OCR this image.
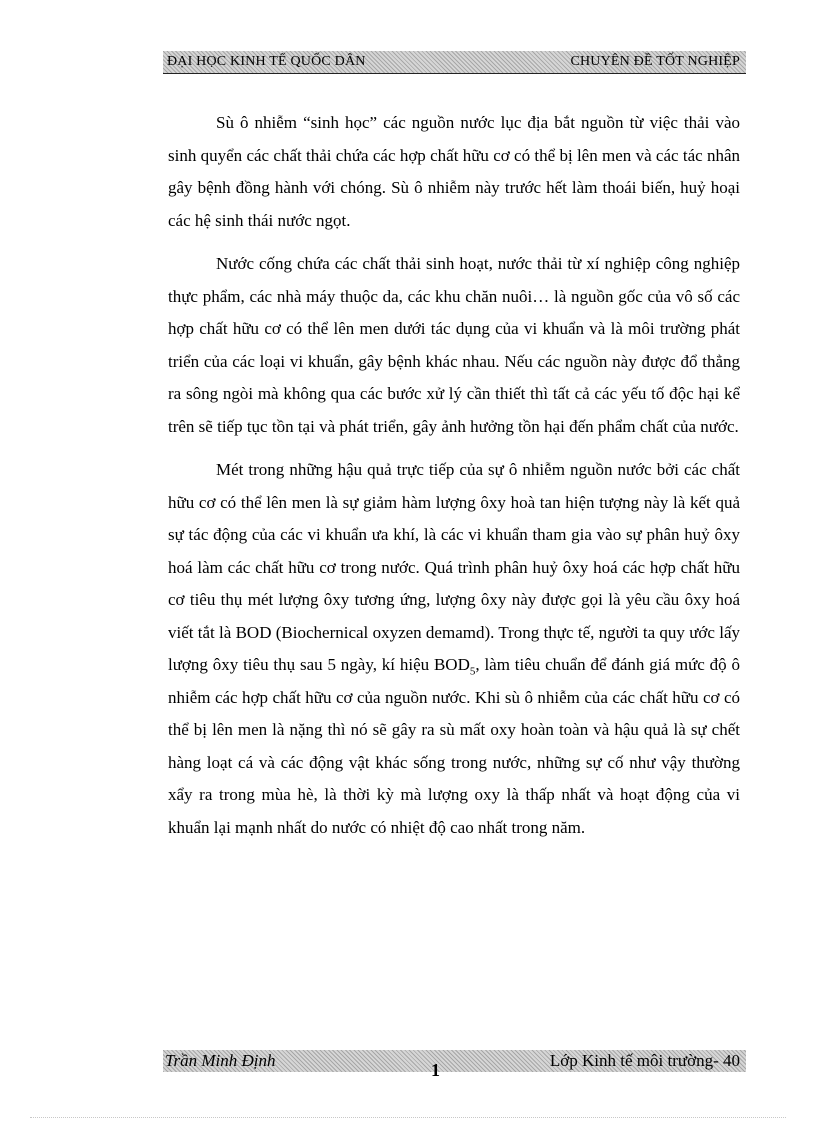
ĐẠI HỌC KINH TẾ QUỐC DÂN	CHUYÊN ĐỀ TỐT NGHIỆP

Sù ô nhiễm “sinh học” các nguồn nước lục địa bắt nguồn từ việc thải vào sinh quyển các chất thải chứa các hợp chất hữu cơ có thể bị lên men và các tác nhân gây bệnh đồng hành với chóng. Sù ô nhiễm này trước hết làm thoái biến, huỷ hoại các hệ sinh thái nước ngọt.

Nước cống chứa các chất thải sinh hoạt, nước thải từ xí nghiệp công nghiệp thực phẩm, các nhà máy thuộc da, các khu chăn nuôi… là nguồn gốc của vô số các hợp chất hữu cơ có thể lên men dưới tác dụng của vi khuẩn và là môi trường phát triển của các loại vi khuẩn, gây bệnh khác nhau. Nếu các nguồn này được đổ thẳng ra sông ngòi mà không qua các bước xử lý cần thiết thì tất cả các yếu tố độc hại kể trên sẽ tiếp tục tồn tại và phát triển, gây ảnh hưởng tồn hại đến phẩm chất của nước.

Mét trong những hậu quả trực tiếp của sự ô nhiễm nguồn nước bởi các chất hữu cơ có thể lên men là sự giảm hàm lượng ôxy hoà tan hiện tượng này là kết quả sự tác động của các vi khuẩn ưa khí, là các vi khuẩn tham gia vào sự phân huỷ ôxy hoá làm các chất hữu cơ trong nước. Quá trình phân huỷ ôxy hoá các hợp chất hữu cơ tiêu thụ mét lượng ôxy tương ứng, lượng ôxy này được gọi là yêu cầu ôxy hoá viết tắt là BOD (Biochernical oxyzen demamd). Trong thực tế, người ta quy ước lấy lượng ôxy tiêu thụ sau 5 ngày, kí hiệu $BOD_5$, làm tiêu chuẩn để đánh giá mức độ ô nhiễm các hợp chất hữu cơ của nguồn nước. Khi sù ô nhiễm của các chất hữu cơ có thể bị lên men là nặng thì nó sẽ gây ra sù mất oxy hoàn toàn và hậu quả là sự chết hàng loạt cá và các động vật khác sống trong nước, những sự cố như vậy thường xẩy ra trong mùa hè, là thời kỳ mà lượng oxy là thấp nhất và hoạt động của vi khuẩn lại mạnh nhất do nước có nhiệt độ cao nhất trong năm.

Trần Minh Định	1	Lớp Kinh tế môi trường- 40
